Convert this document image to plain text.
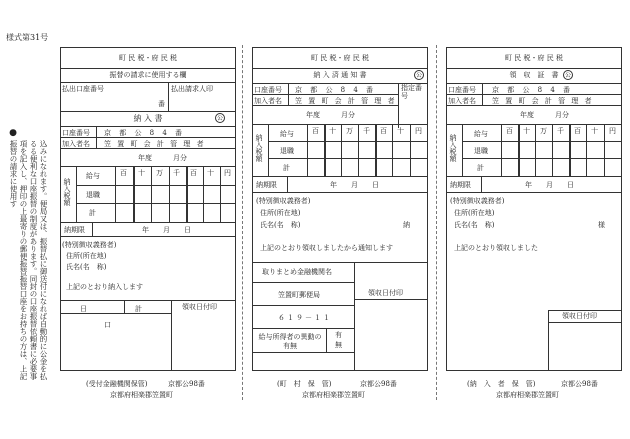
様式第31号
●
込みになれます。便局又は、振替払に御送付になれば自動的に公金を払るる便利な口座振替の制度があります。同封の口座振替依頼書に必要事項を記入し、押印の上最寄りの郵便振替振替口座をお持ちの方は、上記振替の請求に使用す
町 民 税・府 民 税
振替の請求に使用する欄
払出口座番号	払出請求人印
番
納 入 書	公
口座番号 京 都 公 8 4 番
加入者名 笠 置 町 会 計 管 理 者
年度　　　月分
納入税額
給与
退職
計
百 十 万 千 百 十 円
納期限	年　　月　　日
(特別徴収義務者)
住所(所在地)
氏名(名　称)
上記のとおり納入します
領収日付印
日	計
口
(受付金融機関保管)	京都公98番
京都府相楽郡笠置町
町 民 税・府 民 税
納 入 済 通 知 書	公
口座番号 京 都 公 8 4 番	指定番号
加入者名 笠 置 町 会 計 管 理 者
年度　　　月分
納入税額 給与
退職
計
百 十 万 千 百 十 円
納期限	年　　月　　日
(特別徴収義務者)
住所(所在地)
氏名(名　称)	納
上記のとおり領収しましたから通知します
取りまとめ金融機関名
笠置町郵便局
６１９－１１
給与所得者の異動の有無
有
無
領収日付印
(町　村　保　管)	京都公98番
京都府相楽郡笠置町
町 民 税・府 民 税
領　収　証　書	公
口座番号 京 都 公 8 4 番
加入者名 笠 置 町 会 計 管 理 者
年度　　　月分
納入税額 給与
退職
計
百 十 万 千 百 十 円
納期限	年　　月　　日
(特別徴収義務者)
住所(所在地)
氏名(名　称)	様
上記のとおり領収しました
領収日付印
(納　入　者　保　管)	京都公98番
京都府相楽郡笠置町
